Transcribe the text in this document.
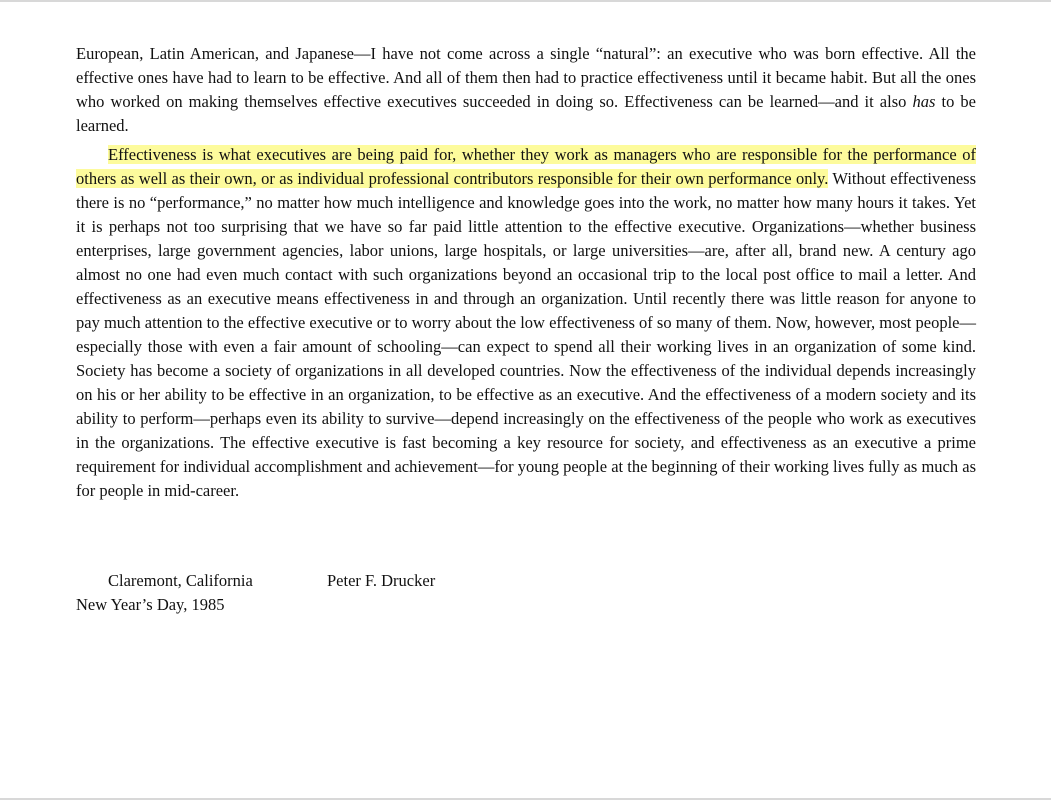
European, Latin American, and Japanese—I have not come across a single “natural”: an executive who was born effective. All the effective ones have had to learn to be effective. And all of them then had to practice effectiveness until it became habit. But all the ones who worked on making themselves effective executives succeeded in doing so. Effectiveness can be learned—and it also has to be learned.

Effectiveness is what executives are being paid for, whether they work as managers who are responsible for the performance of others as well as their own, or as individual professional contributors responsible for their own performance only. Without effectiveness there is no “performance,” no matter how much intelligence and knowledge goes into the work, no matter how many hours it takes. Yet it is perhaps not too surprising that we have so far paid little attention to the effective executive. Organizations—whether business enterprises, large government agencies, labor unions, large hospitals, or large universities—are, after all, brand new. A century ago almost no one had even much contact with such organizations beyond an occasional trip to the local post office to mail a letter. And effectiveness as an executive means effectiveness in and through an organization. Until recently there was little reason for anyone to pay much attention to the effective executive or to worry about the low effectiveness of so many of them. Now, however, most people—especially those with even a fair amount of schooling—can expect to spend all their working lives in an organization of some kind. Society has become a society of organizations in all developed countries. Now the effectiveness of the individual depends increasingly on his or her ability to be effective in an organization, to be effective as an executive. And the effectiveness of a modern society and its ability to perform—perhaps even its ability to survive—depend increasingly on the effectiveness of the people who work as executives in the organizations. The effective executive is fast becoming a key resource for society, and effectiveness as an executive a prime requirement for individual accomplishment and achievement—for young people at the beginning of their working lives fully as much as for people in mid-career.

Claremont, California	Peter F. Drucker
New Year’s Day, 1985
